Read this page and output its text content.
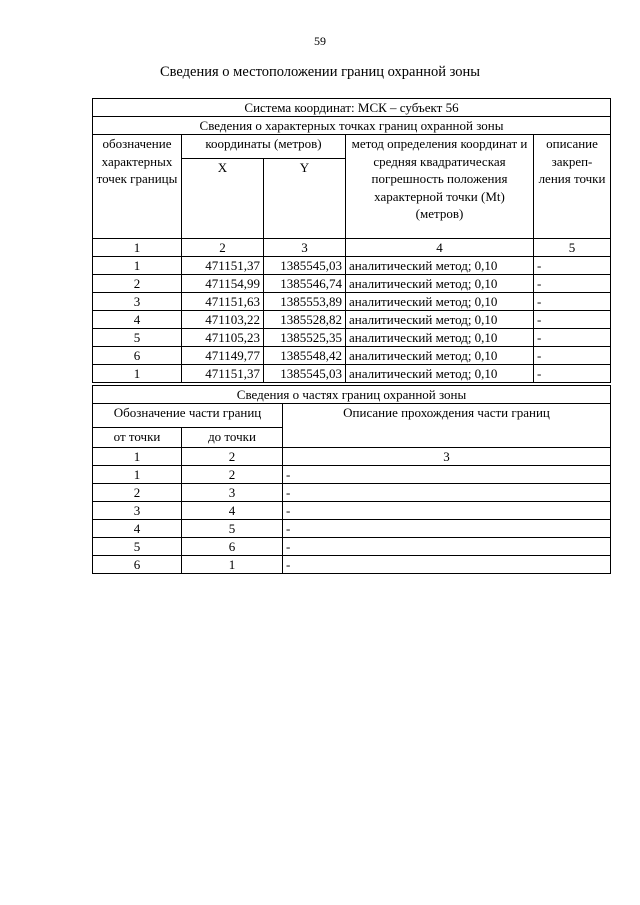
59
Сведения о местоположении границ охранной зоны
Система координат: МСК – субъект 56				
Сведения о характерных точках границ охранной зоны				
обозначение характерных точек границы	координаты (метров)		метод определения координат и средняя квадратическая погрешность положения характерной точки (Mt) (метров)	описание закреп-ления точки
	X	Y		
1	2	3	4	5
1	471151,37	1385545,03	аналитический метод; 0,10	-
2	471154,99	1385546,74	аналитический метод; 0,10	-
3	471151,63	1385553,89	аналитический метод; 0,10	-
4	471103,22	1385528,82	аналитический метод; 0,10	-
5	471105,23	1385525,35	аналитический метод; 0,10	-
6	471149,77	1385548,42	аналитический метод; 0,10	-
1	471151,37	1385545,03	аналитический метод; 0,10	-
Сведения о частях границ охранной зоны		
Обозначение части границ		Описание прохождения части границ
от точки	до точки	
1	2	3
1	2	-
2	3	-
3	4	-
4	5	-
5	6	-
6	1	-
